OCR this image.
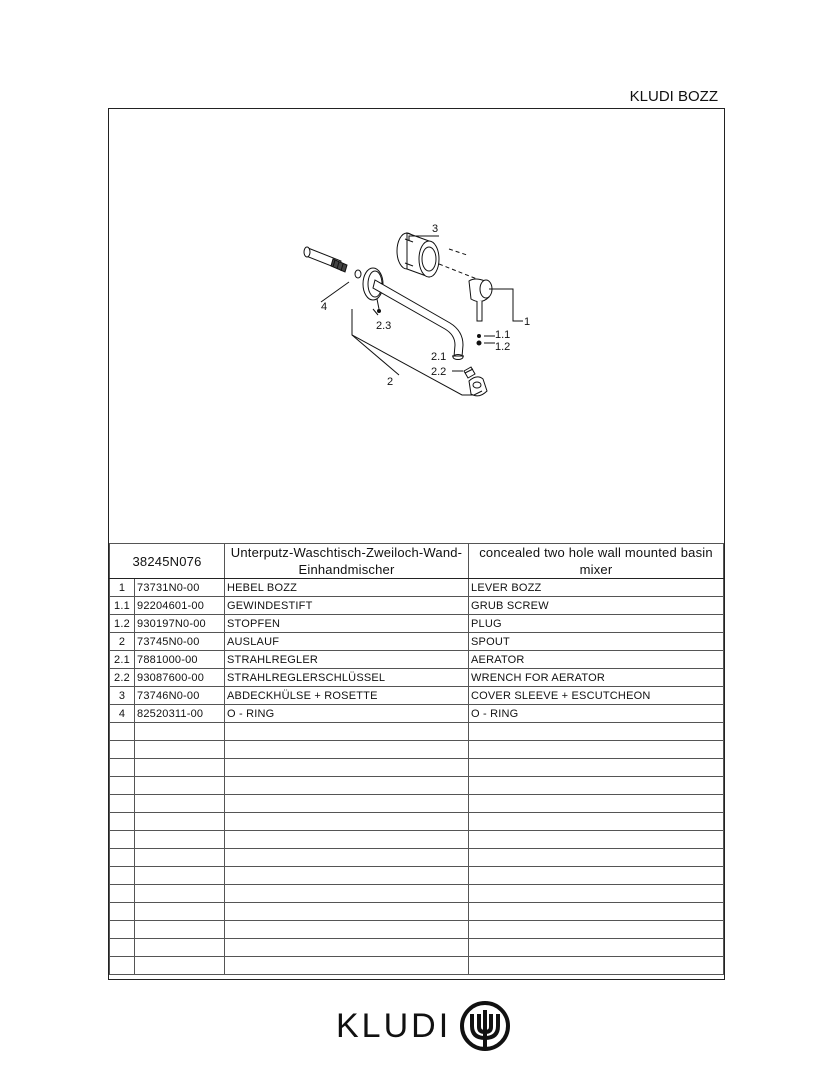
KLUDI BOZZ
3
1
1.1
1.2
4
2.3
2.1
2.2
2
38245N076		Unterputz-Waschtisch-Zweiloch-Wand- Einhandmischer	concealed two hole wall mounted basin mixer
1	73731N0-00	HEBEL BOZZ	LEVER BOZZ
1.1	92204601-00	GEWINDESTIFT	GRUB SCREW
1.2	930197N0-00	STOPFEN	PLUG
2	73745N0-00	AUSLAUF	SPOUT
2.1	7881000-00	STRAHLREGLER	AERATOR
2.2	93087600-00	STRAHLREGLERSCHLÜSSEL	WRENCH FOR AERATOR
3	73746N0-00	ABDECKHÜLSE + ROSETTE	COVER SLEEVE + ESCUTCHEON
4	82520311-00	O - RING	O - RING

KLUDI
